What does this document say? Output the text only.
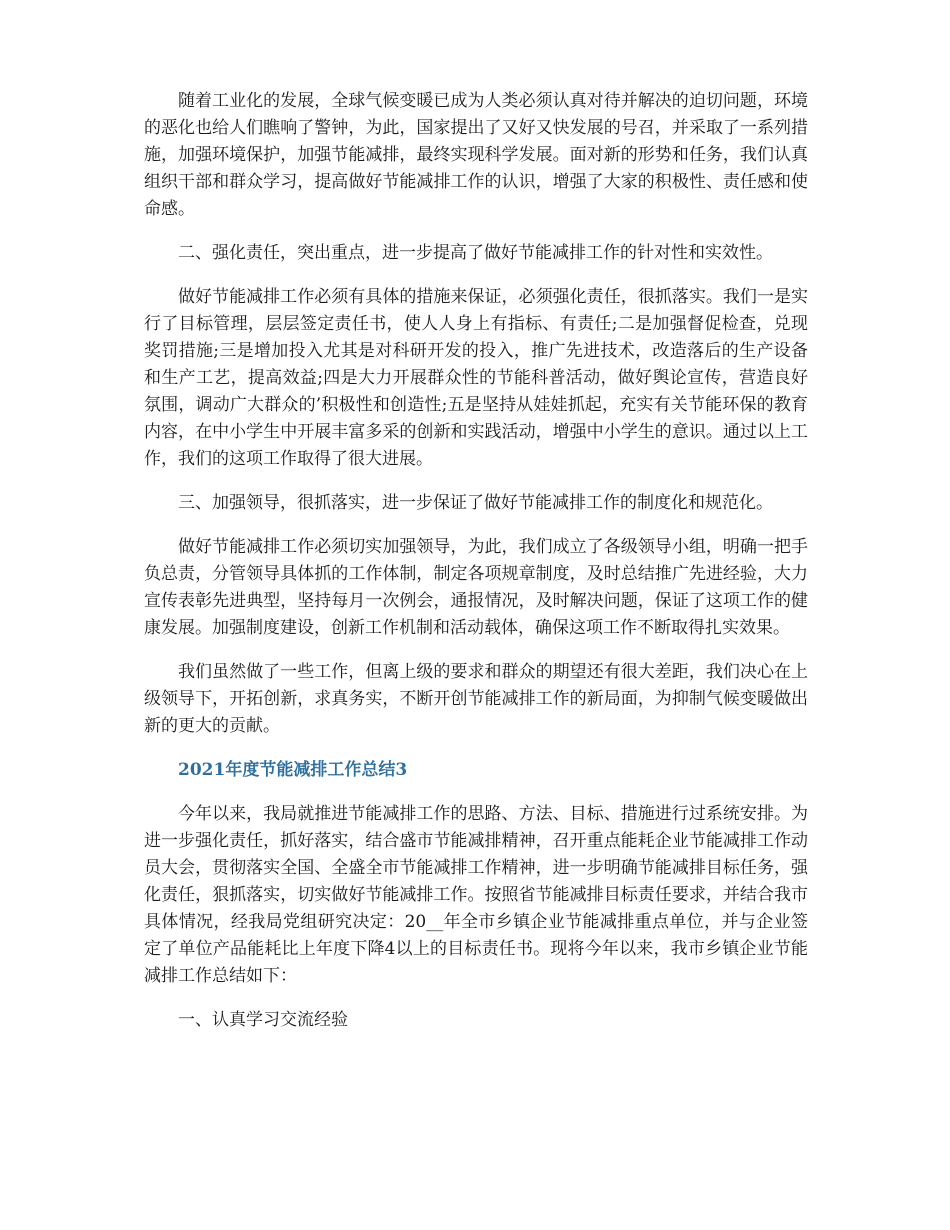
随着工业化的发展，全球气候变暖已成为人类必须认真对待并解决的迫切问题，环境的恶化也给人们瞧响了警钟，为此，国家提出了又好又快发展的号召，并采取了一系列措施，加强环境保护，加强节能减排，最终实现科学发展。面对新的形势和任务，我们认真组织干部和群众学习，提高做好节能减排工作的认识，增强了大家的积极性、责任感和使命感。

二、强化责任，突出重点，进一步提高了做好节能减排工作的针对性和实效性。

做好节能减排工作必须有具体的措施来保证，必须强化责任，很抓落实。我们一是实行了目标管理，层层签定责任书，使人人身上有指标、有责任;二是加强督促检查，兑现奖罚措施;三是增加投入尤其是对科研开发的投入，推广先进技术，改造落后的生产设备和生产工艺，提高效益;四是大力开展群众性的节能科普活动，做好舆论宣传，营造良好氛围，调动广大群众的’积极性和创造性;五是坚持从娃娃抓起，充实有关节能环保的教育内容，在中小学生中开展丰富多采的创新和实践活动，增强中小学生的意识。通过以上工作，我们的这项工作取得了很大进展。

三、加强领导，很抓落实，进一步保证了做好节能减排工作的制度化和规范化。

做好节能减排工作必须切实加强领导，为此，我们成立了各级领导小组，明确一把手负总责，分管领导具体抓的工作体制，制定各项规章制度，及时总结推广先进经验，大力宣传表彰先进典型，坚持每月一次例会，通报情况，及时解决问题，保证了这项工作的健康发展。加强制度建设，创新工作机制和活动载体，确保这项工作不断取得扎实效果。

我们虽然做了一些工作，但离上级的要求和群众的期望还有很大差距，我们决心在上级领导下，开拓创新，求真务实，不断开创节能减排工作的新局面，为抑制气候变暖做出新的更大的贡献。

2021年度节能减排工作总结3

今年以来，我局就推进节能减排工作的思路、方法、目标、措施进行过系统安排。为进一步强化责任，抓好落实，结合盛市节能减排精神，召开重点能耗企业节能减排工作动员大会，贯彻落实全国、全盛全市节能减排工作精神，进一步明确节能减排目标任务，强化责任，狠抓落实，切实做好节能减排工作。按照省节能减排目标责任要求，并结合我市具体情况，经我局党组研究决定：20__年全市乡镇企业节能减排重点单位，并与企业签定了单位产品能耗比上年度下降4以上的目标责任书。现将今年以来，我市乡镇企业节能减排工作总结如下：

一、认真学习交流经验
